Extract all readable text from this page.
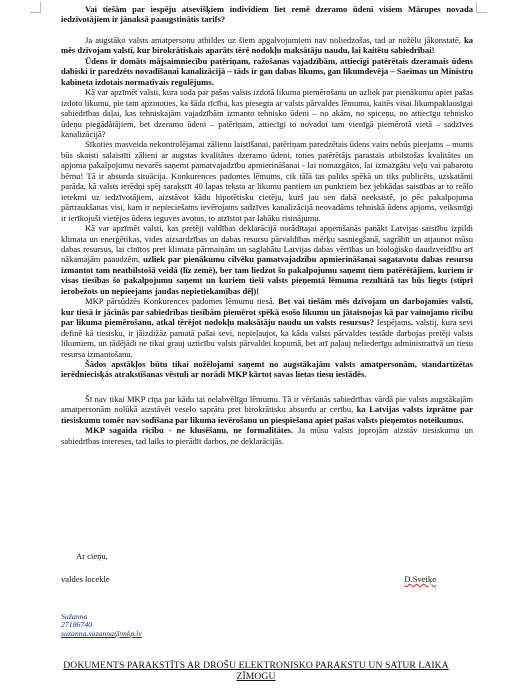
Vai tiešām par iespēju atsevišķiem indivīdiem liet remē dzeramo ūdeni visiem Mārupes novada iedzīvotājiem ir jānaksā paaugstinātis tarifs?

Ja augstāko valsts amatpersonu atbildes uz šiem apgalvojumiem nav noliedzošas, tad ar nožēlu jākonstatē, ka mēs dzīvojam valstī, kur birokrātiskais aparāts tērē nodokļu maksātāju naudu, lai kaitētu sabiedrībai!

Ūdens ir domāts mājsaimniecību patēriņam, ražošanas vajadzībām, attiecīgi patērētais dzeramais ūdens dabiski ir paredzēts novadīšanai kanalizācijā – tāds ir gan dabas likums, gan likumdevēja – Saeimas un Ministru kabineta izdotais normatīvais regulējums.

Kā var apzīmēt valsti, kura soda par pašas valsts izdotā likuma piemērošanu un uzliek par pienākumu apiet pašas izdoto likumu, pie tam apzinoties, ka šāda rīcība, kas piesegta ar valsts pārvaldes lēmumu, kaitēs visai likumpaklausīgai sabiedrības daļai, kas tehniskajām vajadzībām izmanto tehnisko ūdeni – no akām, no spiceņu, no attiecīgu tehnisko ūdeņu piegādātājiem, bet dzeramo ūdeni – patēriņam, attiecīgi to novadot tam vienīgā piemērotā vietā – sadzīves kanalizācijā?

Sīkoties masveida nekontrolējamai zālienu laistīšanai, patēriņam paredzētais ūdens vairs nebūs pieejams – mums būs skaisti salaistīti zālieni ar augstas kvalitātes dzeramo ūdeni, toties patērētājs parastais atbilstošas kvalitātes un apjoma pakalpojumu nevarēs saņemt pamatvajadzību apmierināšanai - lai nomazgātos, lai izmazgātu veļu vai pabarotu bērnu! Tā ir absurda situācija. Konkurences padomes lēmums, cik tālā tas paliks spēkā un tiks publicēts, uzskatāmi parāda, kā valsts ierēdņi spēj sarakstīt 40 lapas teksta ar likumu pantiem un punktiem bez jebkādas saistības ar to reālo ietekmi uz iedzīvotājiem, aizstāvot kādu hipotētisku cietēju, kurš jau sen dabā neeksistē, jo pēc pakalpojuma pārtraukšanas visi, kam ir nepieciešams ievērojams sadzīves kanalizācijā neovadāms tehniskā ūdens apjoms, veiksmīgi ir ierīkojuši vietējos ūdens ieguves avotus, to atzīstot par labāku risinājumu.

Kā var apzīmēt valsti, kas pretēji valdības deklarācijā norādītajai apņemšanās panākt Latvijas saistību izpildi klimata un enerģētikas, vides aizsardzības un dabas resursu pārvaldības mērķu sasniegšanā, sagrābīt un atjaunot mūsu dabas resursus, lai cīnītos pret klimata pārmaiņām un saglabātu Latvijas dabas vērtības un bioloģisko daudzveidību arī nākamajām paaudzēm, uzliek par pienākumu cilvēku pamatvajadzību apmierināšanai sagatavotu dabas resursu izmantot tam neatbilstošā veidā (līz zemē), ber tam liedzot šo pakalpojumu saņemt tiem patērētājiem, kuriem ir visas tiesības šo pakalpojumu saņemt un kuriem tieši valsts pieņemtā lēmuma rezultātā tas būs liegts (stipri ierobežots un nepieejams jaudas nepietiekamības dēļ)!

MKP pārsūdzēs Konkurences padomes lēmumu tiesā. Bet vai tiešām mēs dzīvojam un darbojamies valstī, kur tiesā ir jācīnās par sabiedrības tiesībām piemērot spēkā esošo likumu un jātaisnojas kā par vainojamo rīcību par likuma piemērošanu, atkal tērējot nodokļu maksātāju naudu un valsts resursus? Iespējams, valstij, kura sevi definē kā tiesisku, ir jāizdižāz pamatā pašai sevi, nepieļaujot, ka kāda valsts pārvaldes iestāde darbojas pretēji valsts likumiem, un tādējādi ne tikai grauj uzticību valsts pārvaldei kopumā, bet arī paļauj neliederīgu administratīvā un tiesu resursa izmantošanu.

Šādos apstākļos būtu tikai nožēlojami saņemt no augstākajām valsts amatpersonām, standartizētas ierēdniecisķās atrakstīšanas vēstuli ar norādi MKP kārtot savas lietas tiesu iestādēs.

Šī nav tikai MKP cīņa par kādu tai nelabvēlīgo lēmumu. Tā ir vēršanās sabiedrības vārdā pie valsts augstākajām amatpersonām nolūkā aizstāvēt veselo saprātu pret birokrātisku absurdu ar cerību, ka Latvijas valsts izprātne par tiesiskumu tomēr nav sodīšana par likuma ievērošanu un piespiešana apiet pašas valsts pieņemtos noteikumus.

MKP sagaida rīcību - ne klusēšanu, ne formalitātes. Ja mūsu valsts joprojām aizstāv tiesiskumu un sabiedrības intereses, tad laiks to pierādīt darbos, ne deklarācijās.

Ar cieņu,
valdes locekle	D.Sveiķe
Sužanna
27186740
suzanna.suzanna@mkp.lv
DOKUMENTS PARAKSTĪTS AR DROŠU ELEKTRONISKO PARAKSTU UN SATUR LAIKA
ZĪMOGU
